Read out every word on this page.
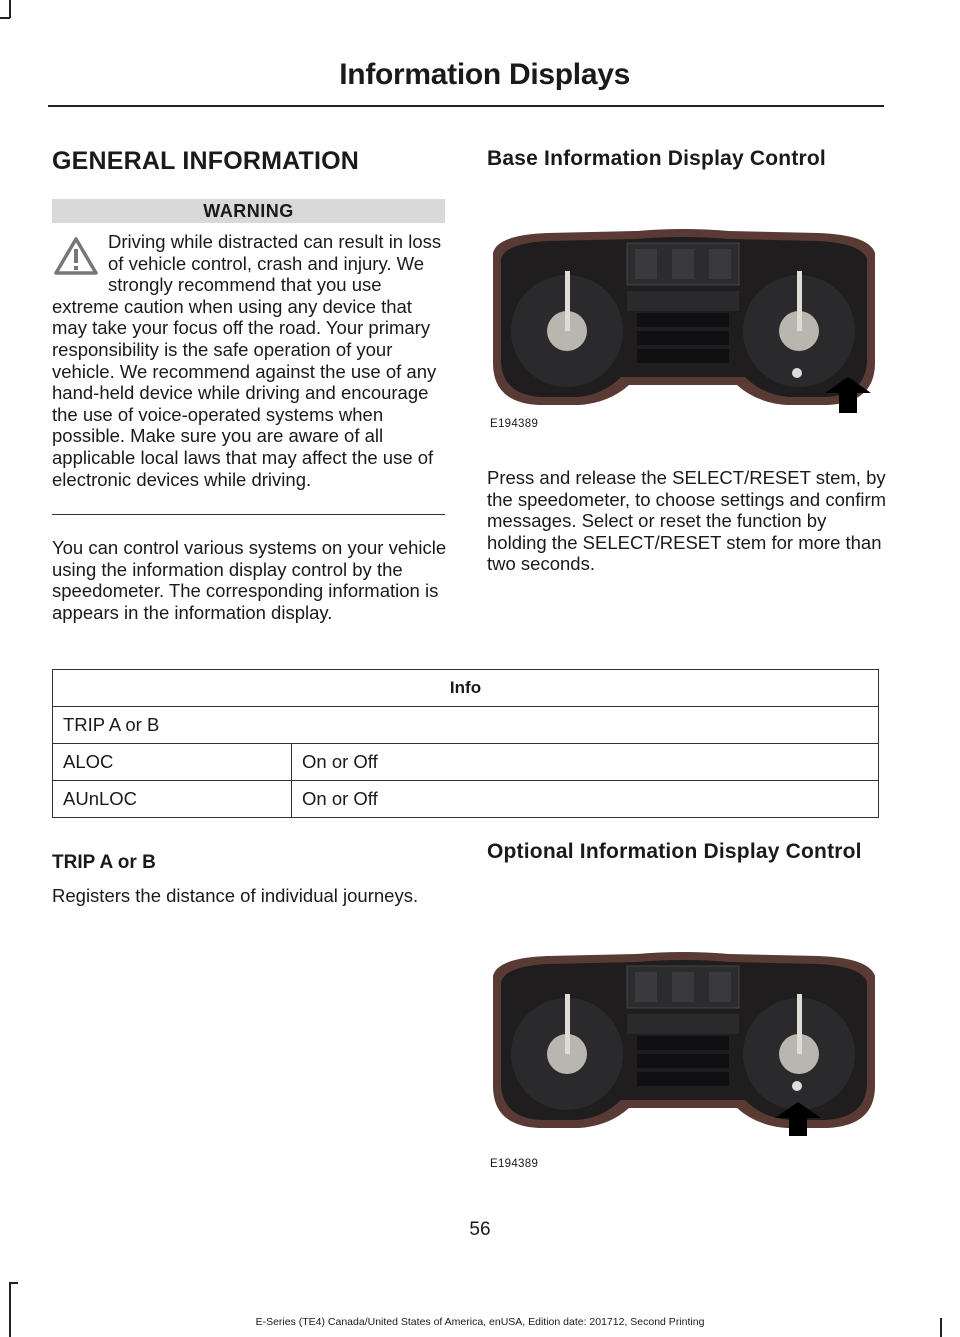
Information Displays
GENERAL INFORMATION
WARNING
Driving while distracted can result in loss of vehicle control, crash and injury. We strongly recommend that you use extreme caution when using any device that may take your focus off the road. Your primary responsibility is the safe operation of your vehicle. We recommend against the use of any hand-held device while driving and encourage the use of voice-operated systems when possible. Make sure you are aware of all applicable local laws that may affect the use of electronic devices while driving.
You can control various systems on your vehicle using the information display control by the speedometer. The corresponding information is appears in the information display.
Base Information Display Control
E194389
Press and release the SELECT/RESET stem, by the speedometer, to choose settings and confirm messages. Select or reset the function by holding the SELECT/RESET stem for more than two seconds.
Info	
TRIP A or B	
ALOC	On or Off
AUnLOC	On or Off
TRIP A or B
Registers the distance of individual journeys.
Optional Information Display Control
E194389
56
E-Series (TE4) Canada/United States of America, enUSA, Edition date: 201712, Second Printing
